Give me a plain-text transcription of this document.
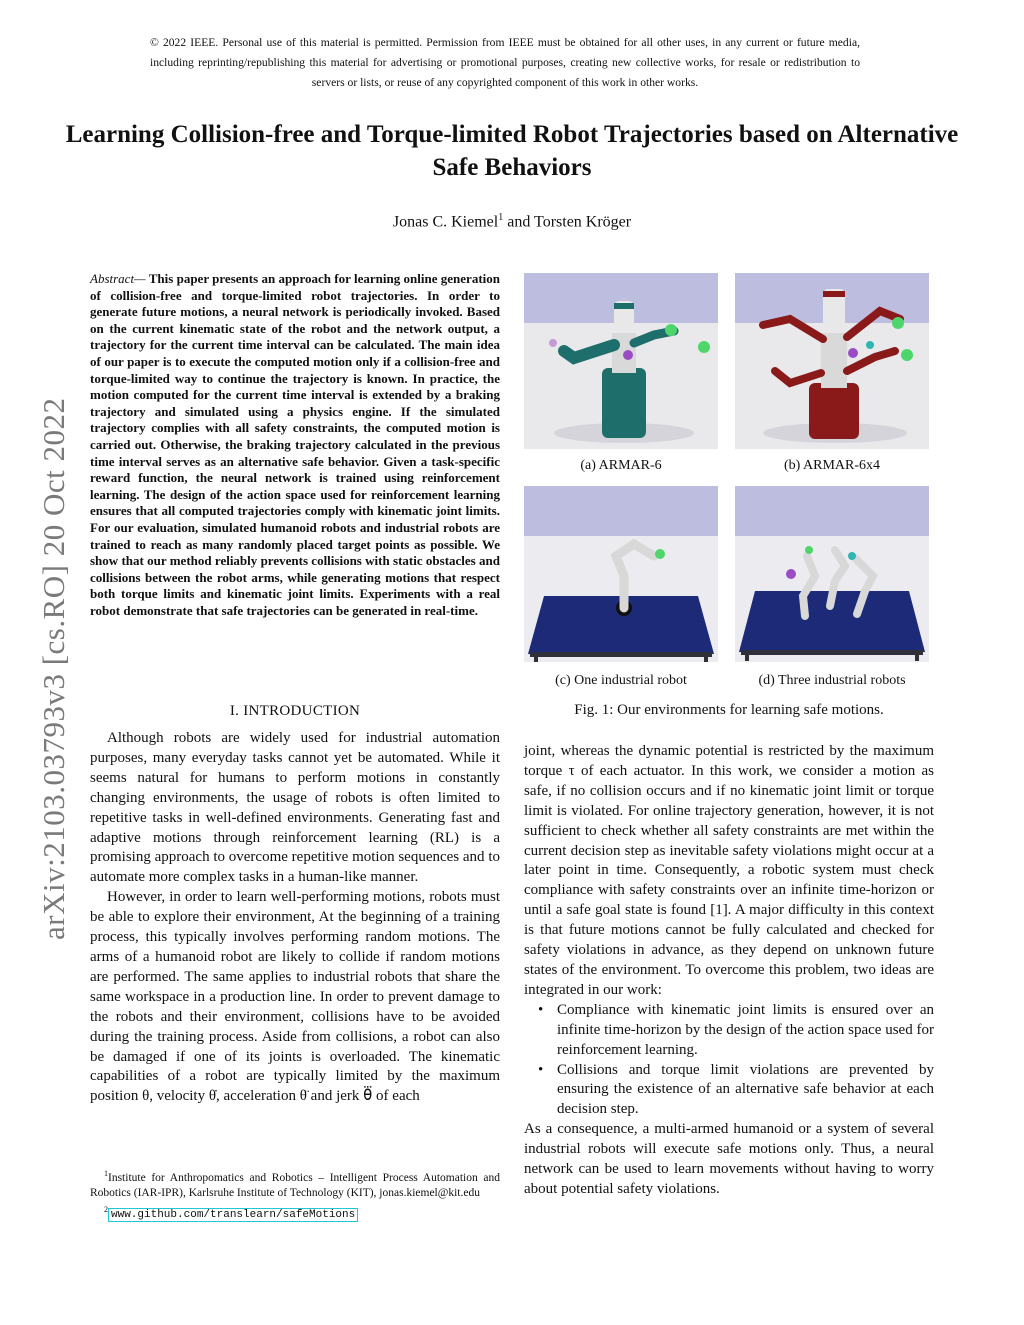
© 2022 IEEE. Personal use of this material is permitted. Permission from IEEE must be obtained for all other uses, in any current or future media, including reprinting/republishing this material for advertising or promotional purposes, creating new collective works, for resale or redistribution to servers or lists, or reuse of any copyrighted component of this work in other works.
arXiv:2103.03793v3 [cs.RO] 20 Oct 2022
Learning Collision-free and Torque-limited Robot Trajectories based on Alternative Safe Behaviors
Jonas C. Kiemel$^1$ and Torsten Kröger
Abstract— This paper presents an approach for learning online generation of collision-free and torque-limited robot trajectories. In order to generate future motions, a neural network is periodically invoked. Based on the current kinematic state of the robot and the network output, a trajectory for the current time interval can be calculated. The main idea of our paper is to execute the computed motion only if a collision-free and torque-limited way to continue the trajectory is known. In practice, the motion computed for the current time interval is extended by a braking trajectory and simulated using a physics engine. If the simulated trajectory complies with all safety constraints, the computed motion is carried out. Otherwise, the braking trajectory calculated in the previous time interval serves as an alternative safe behavior. Given a task-specific reward function, the neural network is trained using reinforcement learning. The design of the action space used for reinforcement learning ensures that all computed trajectories comply with kinematic joint limits. For our evaluation, simulated humanoid robots and industrial robots are trained to reach as many randomly placed target points as possible. We show that our method reliably prevents collisions with static obstacles and collisions between the robot arms, while generating motions that respect both torque limits and kinematic joint limits. Experiments with a real robot demonstrate that safe trajectories can be generated in real-time.
I. INTRODUCTION

Although robots are widely used for industrial automation purposes, many everyday tasks cannot yet be automated. While it seems natural for humans to perform motions in constantly changing environments, the usage of robots is often limited to repetitive tasks in well-defined environments. Generating fast and adaptive motions through reinforcement learning (RL) is a promising approach to overcome repetitive motion sequences and to automate more complex tasks in a human-like manner.

However, in order to learn well-performing motions, robots must be able to explore their environment, At the beginning of a training process, this typically involves performing random motions. The arms of a humanoid robot are likely to collide if random motions are performed. The same applies to industrial robots that share the same workspace in a production line. In order to prevent damage to the robots and their environment, collisions have to be avoided during the training process. Aside from collisions, a robot can also be damaged if one of its joints is overloaded. The kinematic capabilities of a robot are typically limited by the maximum position θ, velocity θ̇, acceleration θ̈ and jerk θ⃛ of each

$^1$Institute for Anthropomatics and Robotics – Intelligent Process Automation and Robotics (IAR-IPR), Karlsruhe Institute of Technology (KIT), jonas.kiemel@kit.edu
$^2$ www.github.com/translearn/safeMotions
(a) ARMAR-6	(b) ARMAR-6x4
(c) One industrial robot	(d) Three industrial robots
Fig. 1: Our environments for learning safe motions.

joint, whereas the dynamic potential is restricted by the maximum torque τ of each actuator. In this work, we consider a motion as safe, if no collision occurs and if no kinematic joint limit or torque limit is violated. For online trajectory generation, however, it is not sufficient to check whether all safety constraints are met within the current decision step as inevitable safety violations might occur at a later point in time. Consequently, a robotic system must check compliance with safety constraints over an infinite time-horizon or until a safe goal state is found [1]. A major difficulty in this context is that future motions cannot be fully calculated and checked for safety violations in advance, as they depend on unknown future states of the environment. To overcome this problem, two ideas are integrated in our work:

• Compliance with kinematic joint limits is ensured over an infinite time-horizon by the design of the action space used for reinforcement learning.
• Collisions and torque limit violations are prevented by ensuring the existence of an alternative safe behavior at each decision step.

As a consequence, a multi-armed humanoid or a system of several industrial robots will execute safe motions only. Thus, a neural network can be used to learn movements without having to worry about potential safety violations.
